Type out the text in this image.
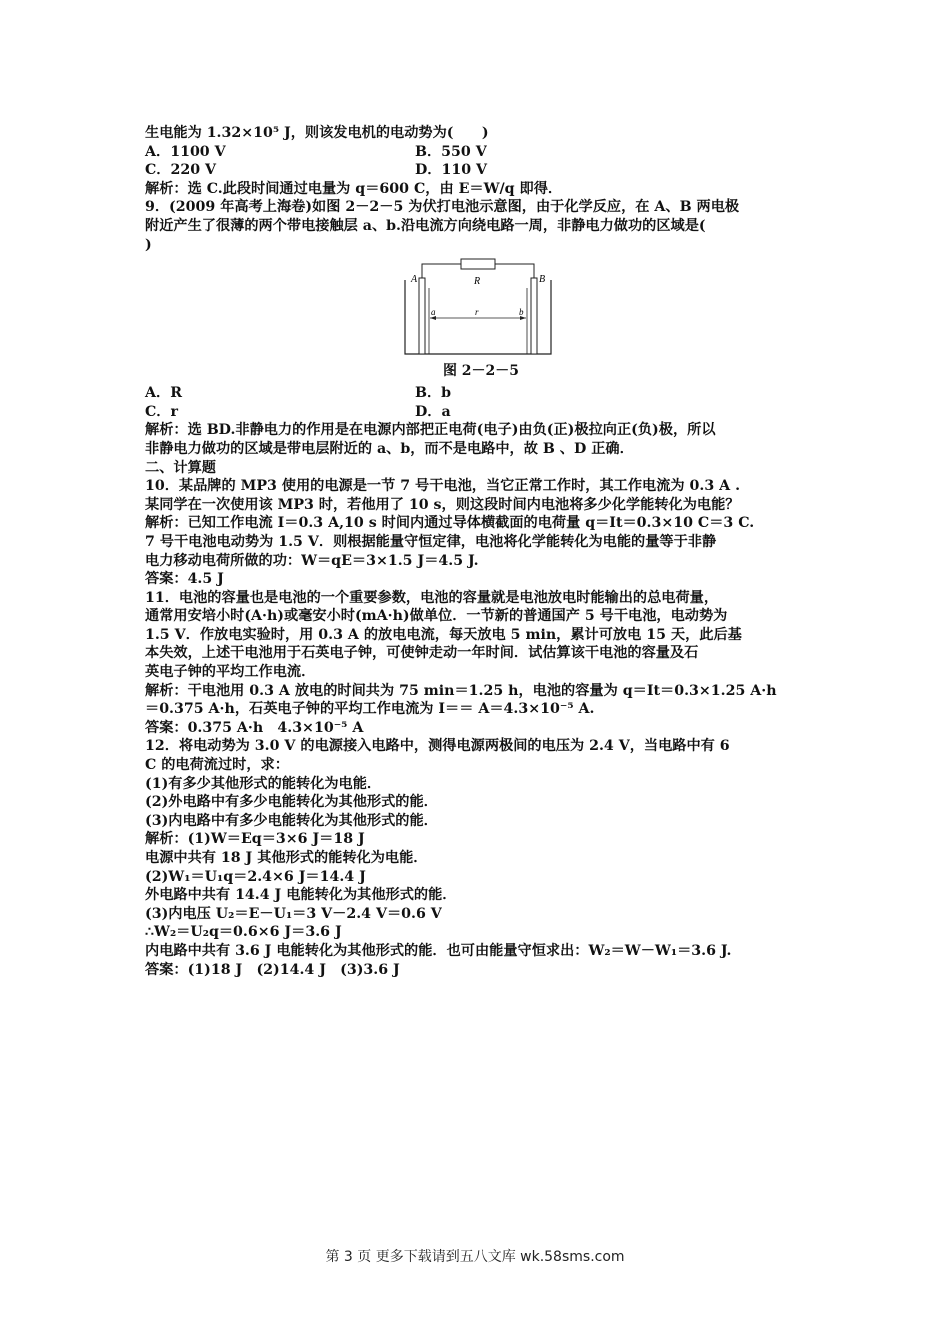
生电能为 1.32×10⁵ J，则该发电机的电动势为(　　)
A．1100 V	B．550 V
C．220 V	D．110 V
解析：选 C.此段时间通过电量为 q＝600 C，由 E＝W/q 即得．
9．(2009 年高考上海卷)如图 2－2－5 为伏打电池示意图，由于化学反应，在 A、B 两电极
附近产生了很薄的两个带电接触层 a、b.沿电流方向绕电路一周，非静电力做功的区域是(
)
A	B
R
a	r	b
图 2－2－5
A．R	B．b
C．r	D．a
解析：选 BD.非静电力的作用是在电源内部把正电荷(电子)由负(正)极拉向正(负)极，所以
非静电力做功的区域是带电层附近的 a、b，而不是电路中，故 B 、D 正确．
二、计算题
10．某品牌的 MP3 使用的电源是一节 7 号干电池，当它正常工作时，其工作电流为 0.3 A .
某同学在一次使用该 MP3 时，若他用了 10 s，则这段时间内电池将多少化学能转化为电能？
解析：已知工作电流 I＝0.3 A,10 s 时间内通过导体横截面的电荷量 q＝It＝0.3×10 C＝3 C.
7 号干电池电动势为 1.5 V．则根据能量守恒定律，电池将化学能转化为电能的量等于非静
电力移动电荷所做的功：W＝qE＝3×1.5 J＝4.5 J.
答案：4.5 J
11．电池的容量也是电池的一个重要参数，电池的容量就是电池放电时能输出的总电荷量，
通常用安培小时(A·h)或毫安小时(mA·h)做单位．一节新的普通国产 5 号干电池，电动势为
1.5 V．作放电实验时，用 0.3 A 的放电电流，每天放电 5 min，累计可放电 15 天，此后基
本失效，上述干电池用于石英电子钟，可使钟走动一年时间．试估算该干电池的容量及石
英电子钟的平均工作电流．
解析：干电池用 0.3 A 放电的时间共为 75 min＝1.25 h，电池的容量为 q＝It＝0.3×1.25 A·h
＝0.375 A·h，石英电子钟的平均工作电流为 I＝＝ A＝4.3×10⁻⁵ A.
答案：0.375 A·h　4.3×10⁻⁵ A
12．将电动势为 3.0 V 的电源接入电路中，测得电源两极间的电压为 2.4 V，当电路中有 6
C 的电荷流过时，求：
(1)有多少其他形式的能转化为电能．
(2)外电路中有多少电能转化为其他形式的能．
(3)内电路中有多少电能转化为其他形式的能．
解析：(1)W＝Eq＝3×6 J＝18 J
电源中共有 18 J 其他形式的能转化为电能．
(2)W₁＝U₁q＝2.4×6 J＝14.4 J
外电路中共有 14.4 J 电能转化为其他形式的能．
(3)内电压 U₂＝E－U₁＝3 V－2.4 V＝0.6 V
∴W₂＝U₂q＝0.6×6 J＝3.6 J
内电路中共有 3.6 J 电能转化为其他形式的能．也可由能量守恒求出：W₂＝W－W₁＝3.6 J.
答案：(1)18 J　(2)14.4 J　(3)3.6 J
第 3 页 更多下载请到五八文库 wk.58sms.com
